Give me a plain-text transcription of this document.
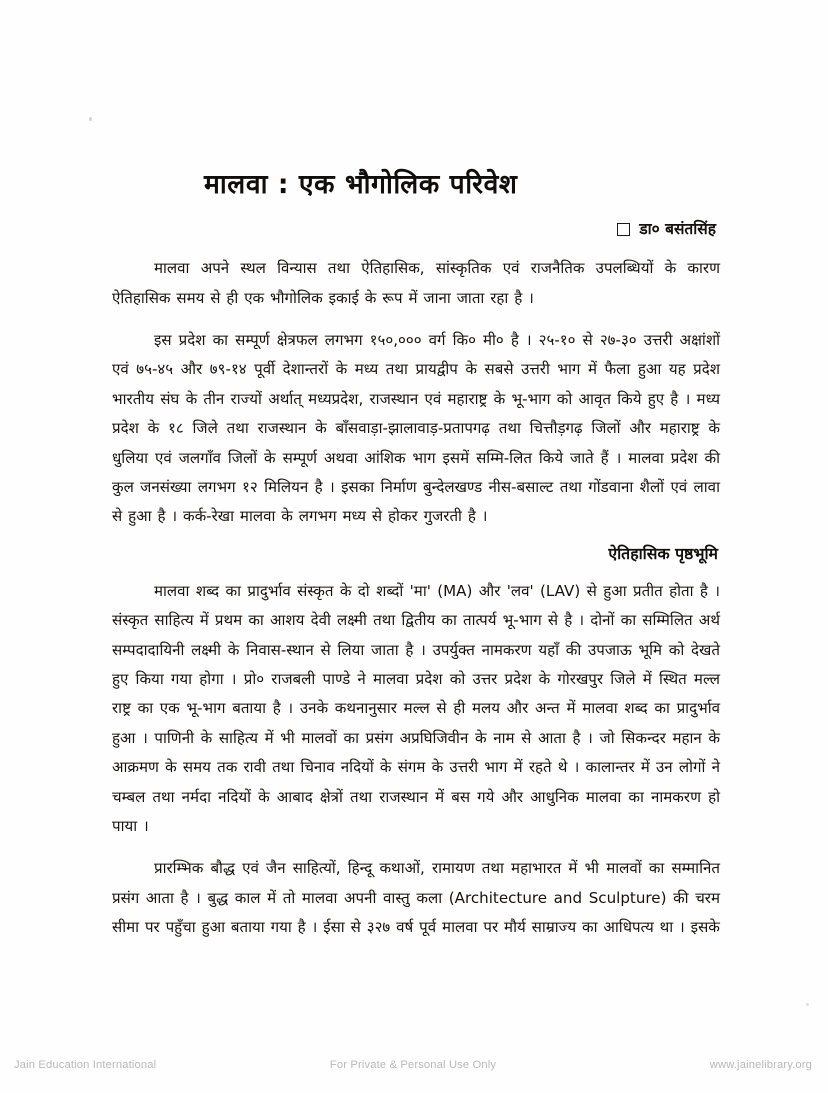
मालवा : एक भौगोलिक परिवेश
डा० बसंतसिंह

मालवा अपने स्थल विन्यास तथा ऐतिहासिक, सांस्कृतिक एवं राजनैतिक उपलब्धियों के कारण ऐतिहासिक समय से ही एक भौगोलिक इकाई के रूप में जाना जाता रहा है ।

इस प्रदेश का सम्पूर्ण क्षेत्रफल लगभग १५०,००० वर्ग कि० मी० है । २५-१० से २७-३० उत्तरी अक्षांशों एवं ७५-४५ और ७९-१४ पूर्वी देशान्तरों के मध्य तथा प्रायद्वीप के सबसे उत्तरी भाग में फैला हुआ यह प्रदेश भारतीय संघ के तीन राज्यों अर्थात् मध्यप्रदेश, राजस्थान एवं महाराष्ट्र के भू-भाग को आवृत किये हुए है । मध्य प्रदेश के १८ जिले तथा राजस्थान के बाँसवाड़ा-झालावाड़-प्रतापगढ़ तथा चित्तौड़गढ़ जिलों और महाराष्ट्र के धुलिया एवं जलगाँव जिलों के सम्पूर्ण अथवा आंशिक भाग इसमें सम्मि-लित किये जाते हैं । मालवा प्रदेश की कुल जनसंख्या लगभग १२ मिलियन है । इसका निर्माण बुन्देलखण्ड नीस-बसाल्ट तथा गोंडवाना शैलों एवं लावा से हुआ है । कर्क-रेखा मालवा के लगभग मध्य से होकर गुजरती है ।

ऐतिहासिक पृष्ठभूमि

मालवा शब्द का प्रादुर्भाव संस्कृत के दो शब्दों 'मा' (MA) और 'लव' (LAV) से हुआ प्रतीत होता है । संस्कृत साहित्य में प्रथम का आशय देवी लक्ष्मी तथा द्वितीय का तात्पर्य भू-भाग से है । दोनों का सम्मिलित अर्थ सम्पदादायिनी लक्ष्मी के निवास-स्थान से लिया जाता है । उपर्युक्त नामकरण यहाँ की उपजाऊ भूमि को देखते हुए किया गया होगा । प्रो० राजबली पाण्डे ने मालवा प्रदेश को उत्तर प्रदेश के गोरखपुर जिले में स्थित मल्ल राष्ट्र का एक भू-भाग बताया है । उनके कथनानुसार मल्ल से ही मलय और अन्त में मालवा शब्द का प्रादुर्भाव हुआ । पाणिनी के साहित्य में भी मालवों का प्रसंग अप्रघिजिवीन के नाम से आता है । जो सिकन्दर महान के आक्रमण के समय तक रावी तथा चिनाव नदियों के संगम के उत्तरी भाग में रहते थे । कालान्तर में उन लोगों ने चम्बल तथा नर्मदा नदियों के आबाद क्षेत्रों तथा राजस्थान में बस गये और आधुनिक मालवा का नामकरण हो पाया ।

प्रारम्भिक बौद्ध एवं जैन साहित्यों, हिन्दू कथाओं, रामायण तथा महाभारत में भी मालवों का सम्मानित प्रसंग आता है । बुद्ध काल में तो मालवा अपनी वास्तु कला (Architecture and Sculpture) की चरम सीमा पर पहुँचा हुआ बताया गया है । ईसा से ३२७ वर्ष पूर्व मालवा पर मौर्य साम्राज्य का आधिपत्य था । इसके

Jain Education International	For Private & Personal Use Only	www.jainelibrary.org
